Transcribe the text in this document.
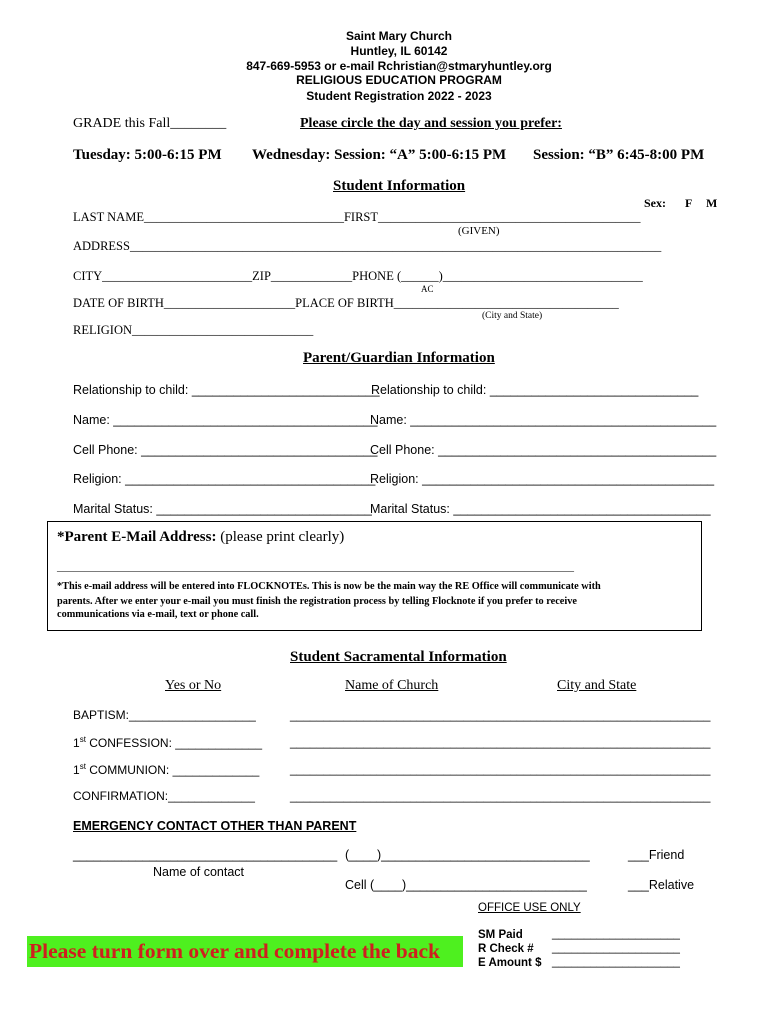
Saint Mary Church
Huntley, IL 60142
847-669-5953 or e-mail Rchristian@stmaryhuntley.org
RELIGIOUS EDUCATION PROGRAM
Student Registration 2022 - 2023
GRADE this Fall________	Please circle the day and session you prefer:
Tuesday: 5:00-6:15 PM Wednesday: Session: “A” 5:00-6:15 PM Session: “B” 6:45-8:00 PM
Student Information
Sex: F M
LAST NAME________________________________FIRST__________________________________________
(GIVEN)
ADDRESS_____________________________________________________________________________________
CITY________________________ZIP_____________PHONE (______)________________________________
AC
DATE OF BIRTH_____________________PLACE OF BIRTH____________________________________
(City and State)
RELIGION_____________________________
Parent/Guardian Information
Relationship to child: ___________________________
Relationship to child: ______________________________
Name: ______________________________________
Name: ____________________________________________
Cell Phone: __________________________________
Cell Phone: ________________________________________
Religion: ____________________________________
Religion: __________________________________________
Marital Status: _______________________________
Marital Status: _____________________________________
*Parent E-Mail Address: (please print clearly)
______________________________________________________________________________________________
*This e-mail address will be entered into FLOCKNOTEs. This is now be the main way the RE Office will communicate with
parents. After we enter your e-mail you must finish the registration process by telling Flocknote if you prefer to receive
communications via e-mail, text or phone call.
Student Sacramental Information
Yes or No	Name of Church	City and State
BAPTISM:___________________	_______________________________________________________________
1st CONFESSION: _____________ _______________________________________________________________
1st COMMUNION: _____________	_______________________________________________________________
CONFIRMATION:_____________	_______________________________________________________________
EMERGENCY CONTACT OTHER THAN PARENT
______________________________________
Name of contact
(____)______________________________
Cell (____)__________________________
___Friend
___Relative
OFFICE USE ONLY
SM Paid	____________________
R Check # ____________________
E Amount $ ____________________
Please turn form over and complete the back
